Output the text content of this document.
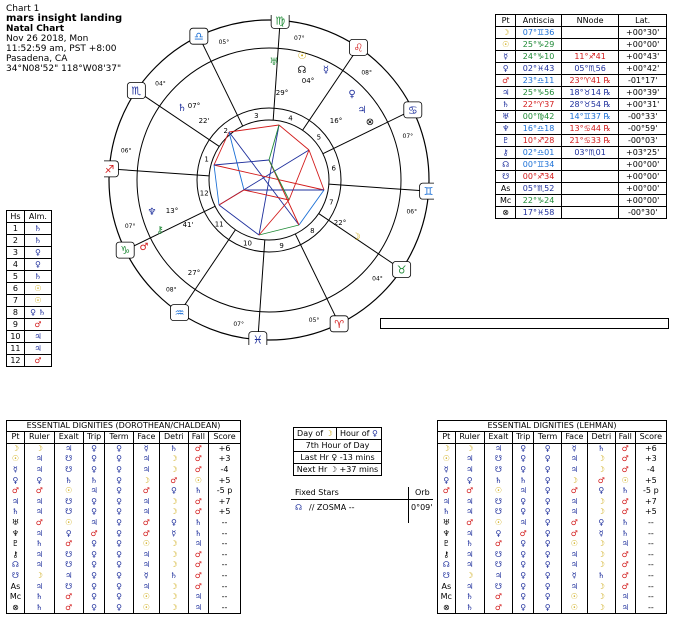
Chart 1
mars insight landing
Natal Chart
Nov 26 2018, Mon
11:52:59 am, PST +8:00
Pasadena, CA
34°N08'52" 118°W08'37"
♐
♏
♎
♍
♌
♋
♊
♉
♈
♓
♒
♑
1
2
3	4
5
6
7
8
9
10
11
12
06°
04°
05°
07°
08°
07°
06°
04°
05°
07°
08°
07°
♄ 07°
22'
♅
29°
☊
♆ 13°
41'
♀
16°
♃
☉
04°
☿
☽
22°
⊗
♂
⚷
27°
Pt	Antiscia	NNode	Lat.
☽	07°♊36		+00°30'
☉	25°♑29		+00°00'
☿	24°♑10	11°♐41	+00°43'
♀	02°♓43	05°♏56	+00°42'
♂	23°♎11	23°♈41 ℞	-01°17'
♃	25°♑56	18°♉14 ℞	+00°39'
♄	22°♈37	28°♉54 ℞	+00°31'
♅	00°♍42	14°♊37 ℞	-00°33'
♆	16°♎18	13°♋44 ℞	-00°59'
♇	10°♐28	21°♋33 ℞	-00°03'
⚷	02°♎01	03°♏01	+03°25'
☊	00°♊34		+00°00'
☋	00°♐34		+00°00'
As	05°♏52		+00°00'
Mc	22°♑24		+00°00'
⊗	17°♓58		-00°30'
Hs	Alm.
1	♄
2	♄
3	♀
4	♀
5	♄
6	☉
7	☉
8	♀ ♄
9	♂
10	♃
11	♃
12	♂
ESSENTIAL DIGNITIES (DOROTHEAN/CHALDEAN)
Pt	Ruler	Exalt	Trip	Term	Face	Detri	Fall	Score
☽	☽	♃	♀	♀	☿	♄	♂	+6
☉	♃	☋	♀	♀	♃	☽	♂	+3
☿	♃	☋	♀	♀	♃	☽	♂	-4
♀	♀	♄	♄	♀	☽	♂	☉	+5
♂	♂	☉	♃	♀	♂	♀	♄	-5 p
♃	♃	☋	♀	♀	♃	☽	♂	+7
♄	♃	☋	♀	♀	♃	☽	♂	+5
♅	♂	☉	♃	♀	♂	♀	♄	--
♆	♃	♀	♂	♀	♂	☿	♄	--
♇	♄	♂	♀	♀	☉	☽	♃	--
⚷	♃	☋	♀	♀	♃	☽	♂	--
☊	♃	☋	♀	♀	♃	☽	♂	--
☋	☽	♃	♀	♀	☿	♄	♂	--
As	♃	☋	♀	♀	♃	☽	♂	--
Mc	♄	♂	♀	♀	☉	☽	♃	--
⊗	♄	♂	♀	♀	☉	☽	♃	--
ESSENTIAL DIGNITIES (LEHMAN)
Pt	Ruler	Exalt	Trip	Term	Face	Detri	Fall	Score
☽	☽	♃	♀	♀	☿	♄	♂	+6
☉	♃	☋	♀	♀	♃	☽	♂	+3
☿	♃	☋	♀	♀	♃	☽	♂	-4
♀	♀	♄	♄	♀	☽	♂	☉	+5
♂	♂	☉	♃	♀	♂	♀	♄	-5 p
♃	♃	☋	♀	♀	♃	☽	♂	+7
♄	♃	☋	♀	♀	♃	☽	♂	+5
♅	♂	☉	♃	♀	♂	♀	♄	--
♆	♃	♀	♂	♀	♂	☿	♄	--
♇	♄	♂	♀	♀	☉	☽	♃	--
⚷	♃	☋	♀	♀	♃	☽	♂	--
☊	♃	☋	♀	♀	♃	☽	♂	--
☋	☽	♃	♀	♀	☿	♄	♂	--
As	♃	☋	♀	♀	♃	☽	♂	--
Mc	♄	♂	♀	♀	☉	☽	♃	--
⊗	♄	♂	♀	♀	☉	☽	♃	--
Day of ☽	Hour of ♀
7th Hour of Day
Last Hr ♀ -13 mins
Next Hr ☽ +37 mins
Fixed Stars	Orb
☊ // ZOSMA --	0°09'
